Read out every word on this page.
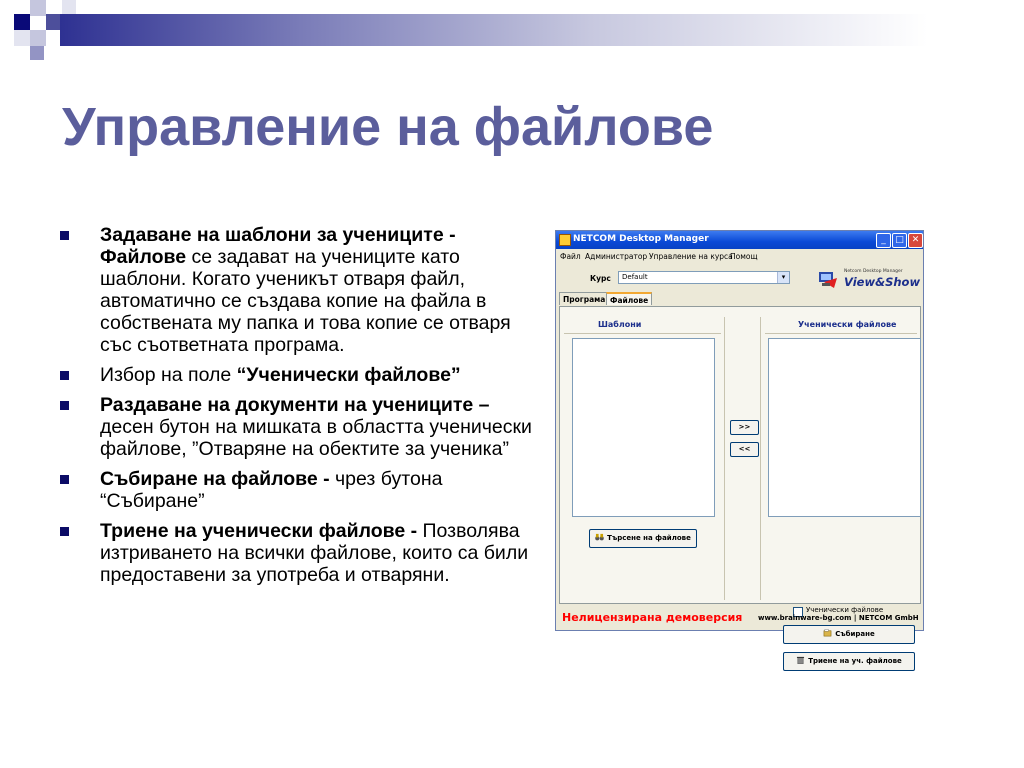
Управление на файлове
Задаване на шаблони за учениците - Файлове се задават на учениците като шаблони. Когато ученикът отваря файл, автоматично се създава копие на файла в собствената му папка и това копие се отваря със съответната програма.
Избор на поле “Ученически файлове”
Раздаване на документи на учениците – десен бутон на мишката в областта ученически файлове, ”Отваряне на обектите за ученика”
Събиране на файлове - чрез бутона “Събиране”
Триене на ученически файлове - Позволява изтриването на всички файлове, които са били предоставени за употреба и отваряни.
NETCOM Desktop Manager	_	□ ✕
Файл Администратор Управление на курса
Помощ
Курс Default	▾
Netcom Desktop Manager
View&Show
Програма Файлове
Шаблони	Ученически файлове
>>
<<
Търсене на файлове
Ученически файлове
Събиране
Триене на уч. файлове
Нелицензирана демоверсия www.brainware-bg.com | NETCOM GmbH
